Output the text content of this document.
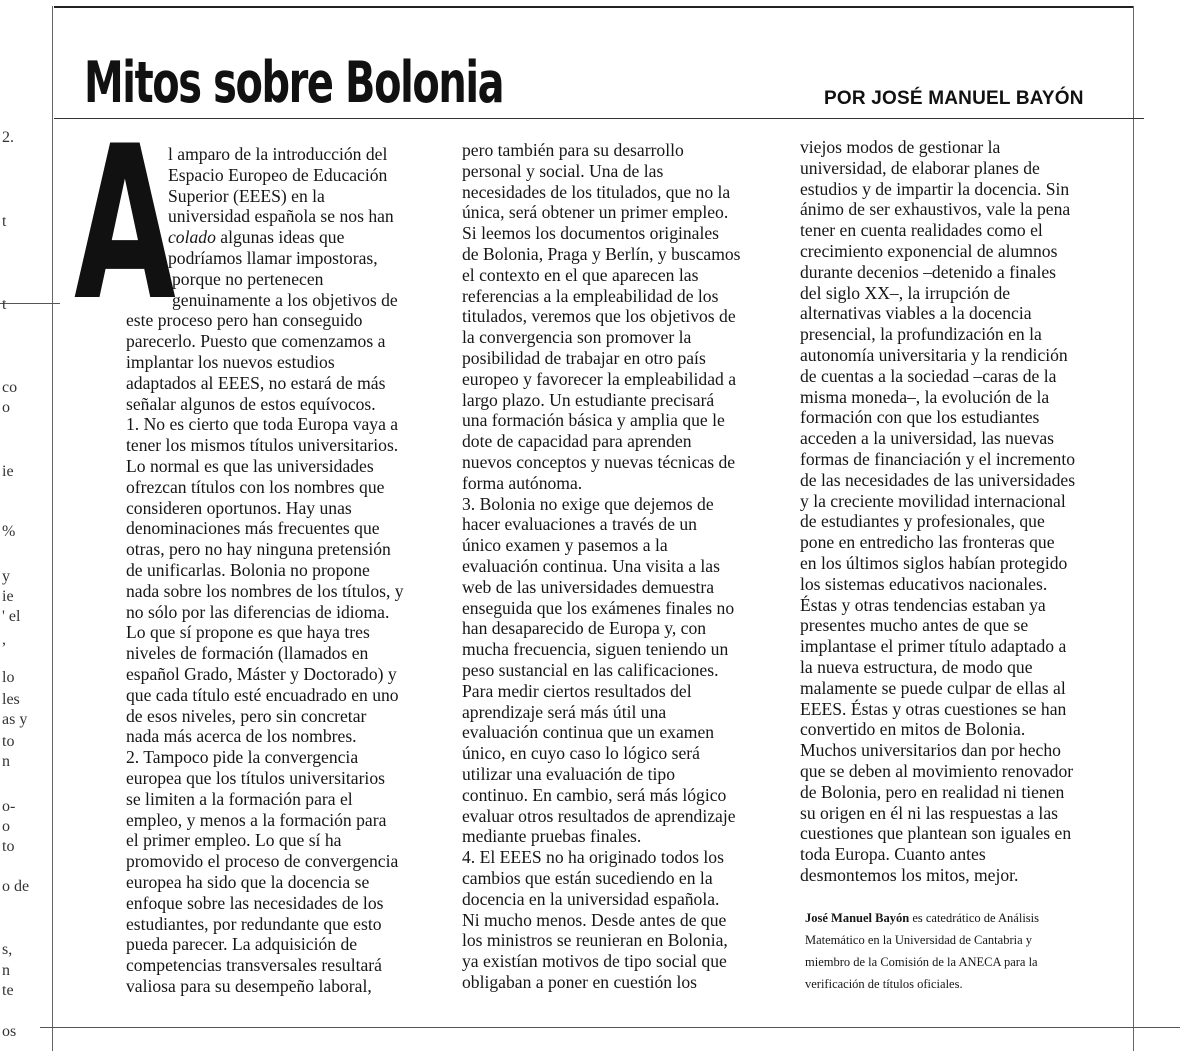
2.
t
t
co
o
ie
%
y
ie
' el
,
lo
les
as y
to
n
o-
o
to
o de
s,
n
te
os
Mitos sobre Bolonia	POR JOSÉ MANUEL BAYÓN
A
l amparo de la introducción del
Espacio Europeo de Educación
Superior (EEES) en la
universidad española se nos han
colado algunas ideas que
podríamos llamar impostoras,
porque no pertenecen
genuinamente a los objetivos de
este proceso pero han conseguido
parecerlo. Puesto que comenzamos a
implantar los nuevos estudios
adaptados al EEES, no estará de más
señalar algunos de estos equívocos.
1. No es cierto que toda Europa vaya a
tener los mismos títulos universitarios.
Lo normal es que las universidades
ofrezcan títulos con los nombres que
consideren oportunos. Hay unas
denominaciones más frecuentes que
otras, pero no hay ninguna pretensión
de unificarlas. Bolonia no propone
nada sobre los nombres de los títulos, y
no sólo por las diferencias de idioma.
Lo que sí propone es que haya tres
niveles de formación (llamados en
español Grado, Máster y Doctorado) y
que cada título esté encuadrado en uno
de esos niveles, pero sin concretar
nada más acerca de los nombres.
2. Tampoco pide la convergencia
europea que los títulos universitarios
se limiten a la formación para el
empleo, y menos a la formación para
el primer empleo. Lo que sí ha
promovido el proceso de convergencia
europea ha sido que la docencia se
enfoque sobre las necesidades de los
estudiantes, por redundante que esto
pueda parecer. La adquisición de
competencias transversales resultará
valiosa para su desempeño laboral,
pero también para su desarrollo
personal y social. Una de las
necesidades de los titulados, que no la
única, será obtener un primer empleo.
Si leemos los documentos originales
de Bolonia, Praga y Berlín, y buscamos
el contexto en el que aparecen las
referencias a la empleabilidad de los
titulados, veremos que los objetivos de
la convergencia son promover la
posibilidad de trabajar en otro país
europeo y favorecer la empleabilidad a
largo plazo. Un estudiante precisará
una formación básica y amplia que le
dote de capacidad para aprenden
nuevos conceptos y nuevas técnicas de
forma autónoma.
3. Bolonia no exige que dejemos de
hacer evaluaciones a través de un
único examen y pasemos a la
evaluación continua. Una visita a las
web de las universidades demuestra
enseguida que los exámenes finales no
han desaparecido de Europa y, con
mucha frecuencia, siguen teniendo un
peso sustancial en las calificaciones.
Para medir ciertos resultados del
aprendizaje será más útil una
evaluación continua que un examen
único, en cuyo caso lo lógico será
utilizar una evaluación de tipo
continuo. En cambio, será más lógico
evaluar otros resultados de aprendizaje
mediante pruebas finales.
4. El EEES no ha originado todos los
cambios que están sucediendo en la
docencia en la universidad española.
Ni mucho menos. Desde antes de que
los ministros se reunieran en Bolonia,
ya existían motivos de tipo social que
obligaban a poner en cuestión los
viejos modos de gestionar la
universidad, de elaborar planes de
estudios y de impartir la docencia. Sin
ánimo de ser exhaustivos, vale la pena
tener en cuenta realidades como el
crecimiento exponencial de alumnos
durante decenios –detenido a finales
del siglo XX–, la irrupción de
alternativas viables a la docencia
presencial, la profundización en la
autonomía universitaria y la rendición
de cuentas a la sociedad –caras de la
misma moneda–, la evolución de la
formación con que los estudiantes
acceden a la universidad, las nuevas
formas de financiación y el incremento
de las necesidades de las universidades
y la creciente movilidad internacional
de estudiantes y profesionales, que
pone en entredicho las fronteras que
en los últimos siglos habían protegido
los sistemas educativos nacionales.
Éstas y otras tendencias estaban ya
presentes mucho antes de que se
implantase el primer título adaptado a
la nueva estructura, de modo que
malamente se puede culpar de ellas al
EEES. Éstas y otras cuestiones se han
convertido en mitos de Bolonia.
Muchos universitarios dan por hecho
que se deben al movimiento renovador
de Bolonia, pero en realidad ni tienen
su origen en él ni las respuestas a las
cuestiones que plantean son iguales en
toda Europa. Cuanto antes
desmontemos los mitos, mejor.
José Manuel Bayón es catedrático de Análisis
Matemático en la Universidad de Cantabria y
miembro de la Comisión de la ANECA para la
verificación de títulos oficiales.
